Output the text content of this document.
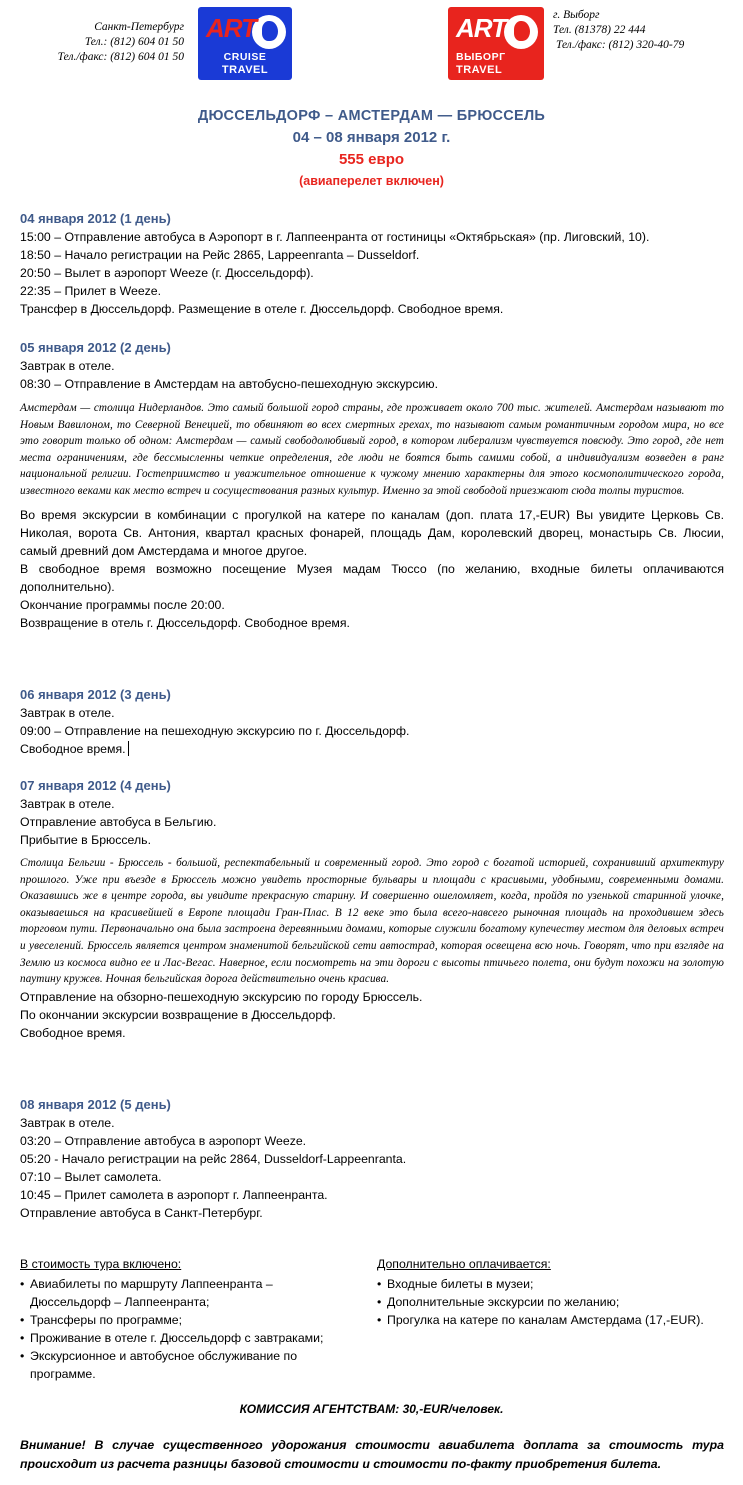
Санкт-Петербург
Тел.: (812) 604 01 50
Тел./факс: (812) 604 01 50
ART
CRUISE
TRAVEL
ART
ВЫБОРГ
TRAVEL
г. Выборг
Тел. (81378) 22 444
Тел./факс: (812) 320-40-79
ДЮССЕЛЬДОРФ – АМСТЕРДАМ — БРЮССЕЛЬ
04 – 08 января 2012 г.
555 евро
(авиаперелет включен)
04 января 2012 (1 день)
15:00 – Отправление автобуса в Аэропорт в г. Лаппеенранта от гостиницы «Октябрьская» (пр. Лиговский, 10).
18:50 – Начало регистрации на Рейс 2865, Lappeenranta – Dusseldorf.
20:50 – Вылет в аэропорт Weeze (г. Дюссельдорф).
22:35 – Прилет в Weeze.
Трансфер в Дюссельдорф. Размещение в отеле г. Дюссельдорф. Свободное время.
05 января 2012 (2 день)
Завтрак в отеле.
08:30 – Отправление в Амстердам на автобусно-пешеходную экскурсию.
Амстердам — столица Нидерландов. Это самый большой город страны, где проживает около 700 тыс. жителей. Амстердам называют то Новым Вавилоном, то Северной Венецией, то обвиняют во всех смертных грехах, то называют самым романтичным городом мира, но все это говорит только об одном: Амстердам — самый свободолюбивый город, в котором либерализм чувствуется повсюду. Это город, где нет места ограничениям, где бессмысленны четкие определения, где люди не боятся быть самими собой, а индивидуализм возведен в ранг национальной религии. Гостеприимство и уважительное отношение к чужому мнению характерны для этого космополитического города, известного веками как место встреч и сосуществования разных культур. Именно за этой свободой приезжают сюда толпы туристов.
Во время экскурсии в комбинации с прогулкой на катере по каналам (доп. плата 17,-EUR) Вы увидите Церковь Св. Николая, ворота Св. Антония, квартал красных фонарей, площадь Дам, королевский дворец, монастырь Св. Люсии, самый древний дом Амстердама и многое другое.
В свободное время возможно посещение Музея мадам Тюссо (по желанию, входные билеты оплачиваются дополнительно).
Окончание программы после 20:00.
Возвращение в отель г. Дюссельдорф. Свободное время.
06 января 2012 (3 день)
Завтрак в отеле.
09:00 – Отправление на пешеходную экскурсию по г. Дюссельдорф.
Свободное время.
07 января 2012 (4 день)
Завтрак в отеле.
Отправление автобуса в Бельгию.
Прибытие в Брюссель.
Столица Бельгии - Брюссель - большой, респектабельный и современный город. Это город с богатой историей, сохранивший архитектуру прошлого. Уже при въезде в Брюссель можно увидеть просторные бульвары и площади с красивыми, удобными, современными домами. Оказавшись же в центре города, вы увидите прекрасную старину. И совершенно ошеломляет, когда, пройдя по узенькой старинной улочке, оказываешься на красивейшей в Европе площади Гран-Плас. В 12 веке это была всего-навсего рыночная площадь на проходившем здесь торговом пути. Первоначально она была застроена деревянными домами, которые служили богатому купечеству местом для деловых встреч и увеселений. Брюссель является центром знаменитой бельгийской сети автострад, которая освещена всю ночь. Говорят, что при взгляде на Землю из космоса видно ее и Лас-Вегас. Наверное, если посмотреть на эти дороги с высоты птичьего полета, они будут похожи на золотую паутину кружев. Ночная бельгийская дорога действительно очень красива.
Отправление на обзорно-пешеходную экскурсию по городу Брюссель.
По окончании экскурсии возвращение в Дюссельдорф.
Свободное время.
08 января 2012 (5 день)
Завтрак в отеле.
03:20 – Отправление автобуса в аэропорт Weeze.
05:20 - Начало регистрации на рейс 2864, Dusseldorf-Lappeenranta.
07:10 – Вылет самолета.
10:45 – Прилет самолета в аэропорт г. Лаппеенранта.
Отправление автобуса в Санкт-Петербург.
В стоимость тура включено:
• Авиабилеты по маршруту Лаппеенранта – Дюссельдорф – Лаппеенранта;
• Трансферы по программе;
• Проживание в отеле г. Дюссельдорф с завтраками;
• Экскурсионное и автобусное обслуживание по программе.
Дополнительно оплачивается:
• Входные билеты в музеи;
• Дополнительные экскурсии по желанию;
• Прогулка на катере по каналам Амстердама (17,-EUR).
КОМИССИЯ АГЕНТСТВАМ: 30,-EUR/человек.
Внимание! В случае существенного удорожания стоимости авиабилета доплата за стоимость тура происходит из расчета разницы базовой стоимости и стоимости по-факту приобретения билета.
